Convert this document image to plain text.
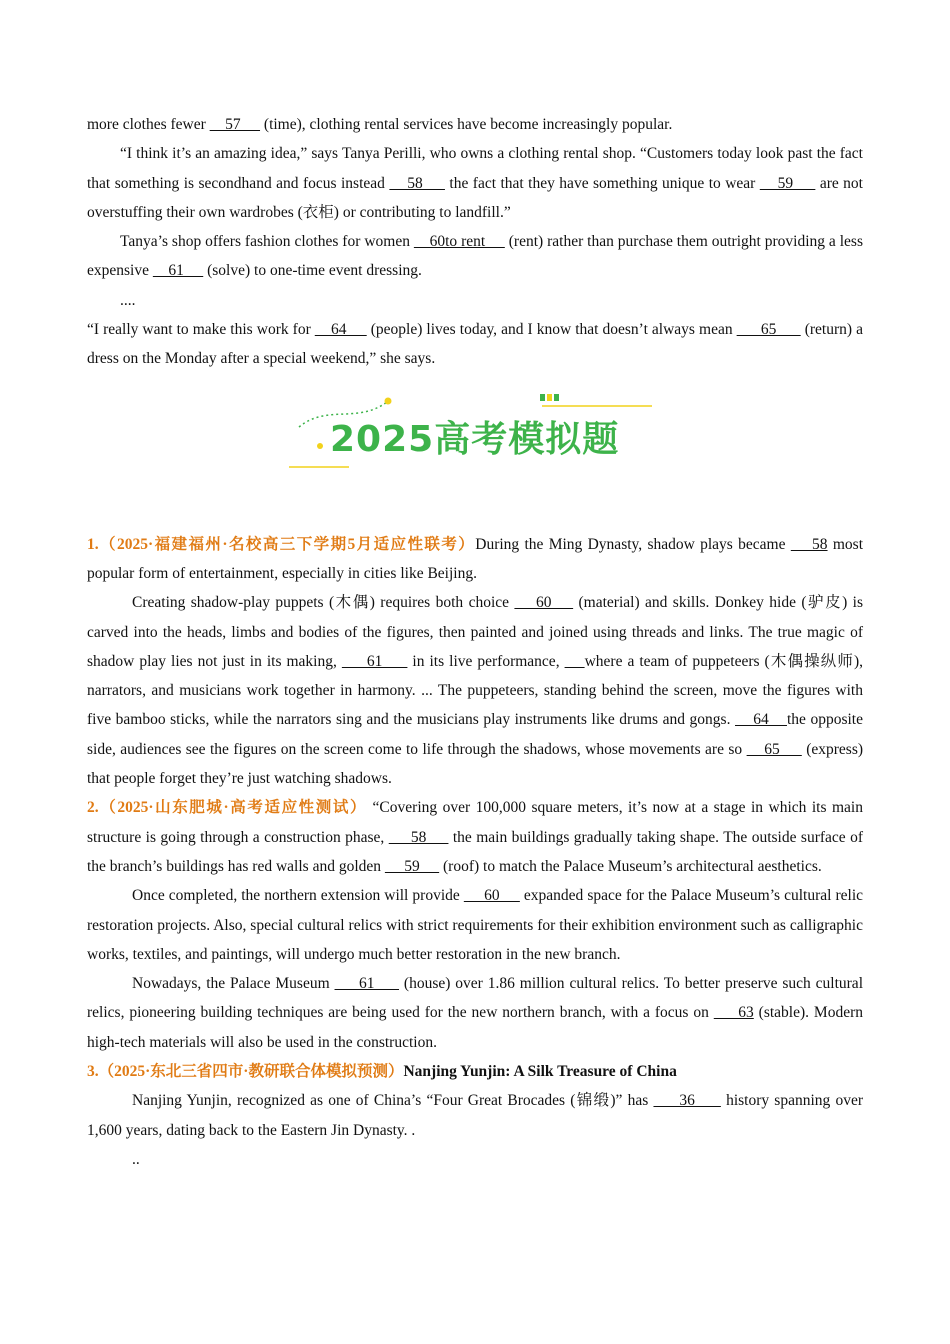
more clothes fewer     57      (time), clothing rental services have become increasingly popular.

“I think it’s an amazing idea,” says Tanya Perilli, who owns a clothing rental shop. “Customers today look past the fact that something is secondhand and focus instead     58      the fact that they have something unique to wear     59      are not overstuffing their own wardrobes (衣柜) or contributing to landfill.”

Tanya’s shop offers fashion clothes for women     60to rent      (rent) rather than purchase them outright providing a less expensive     61      (solve) to one-time event dressing.

....

“I really want to make this work for     64      (people) lives today, and I know that doesn’t always mean       65       (return) a dress on the Monday after a special weekend,” she says.

2025高考模拟题

1.（2025·福建福州·名校高三下学期5月适应性联考）During the Ming Dynasty, shadow plays became     58 most popular form of entertainment, especially in cities like Beijing.

Creating shadow-play puppets (木偶) requires both choice     60     (material) and skills. Donkey hide (驴皮) is carved into the heads, limbs and bodies of the figures, then painted and joined using threads and links. The true magic of shadow play lies not just in its making,      61      in its live performance,     where a team of puppeteers (木偶操纵师), narrators, and musicians work together in harmony. ... The puppeteers, standing behind the screen, move the figures with five bamboo sticks, while the narrators sing and the musicians play instruments like drums and gongs.     64    the opposite side, audiences see the figures on the screen come to life through the shadows, whose movements are so     65      (express) that people forget they’re just watching shadows.

2.（2025·山东肥城·高考适应性测试） “Covering over 100,000 square meters, it’s now at a stage in which its main structure is going through a construction phase,      58      the main buildings gradually taking shape. The outside surface of the branch’s buildings has red walls and golden      59      (roof) to match the Palace Museum’s architectural aesthetics.

Once completed, the northern extension will provide      60      expanded space for the Palace Museum’s cultural relic restoration projects. Also, special cultural relics with strict requirements for their exhibition environment such as calligraphic works, textiles, and paintings, will undergo much better restoration in the new branch.

Nowadays, the Palace Museum      61      (house) over 1.86 million cultural relics. To better preserve such cultural relics, pioneering building techniques are being used for the new northern branch, with a focus on      63 (stable). Modern high-tech materials will also be used in the construction.

3.（2025·东北三省四市·教研联合体模拟预测）Nanjing Yunjin: A Silk Treasure of China

Nanjing Yunjin, recognized as one of China’s “Four Great Brocades (锦缎)” has      36      history spanning over 1,600 years, dating back to the Eastern Jin Dynasty. .

..
